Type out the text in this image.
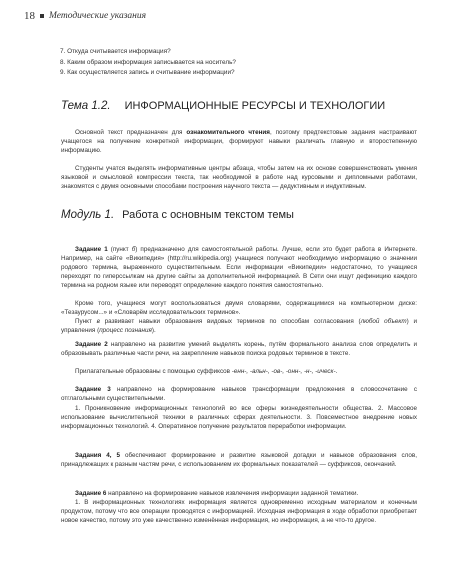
18 Методические указания
7. Откуда считывается информация?
8. Каким образом информация записывается на носитель?
9. Как осуществляется запись и считывание информации?
Тема 1.2. ИНФОРМАЦИОННЫЕ РЕСУРСЫ И ТЕХНОЛОГИИ

Основной текст предназначен для ознакомительного чтения, поэтому предтекстовые задания настраивают учащегося на получение конкретной информации, формируют навыки различать главную и второстепенную информацию.

Студенты учатся выделять информативные центры абзаца, чтобы затем на их основе совершенствовать умения языковой и смысловой компрессии текста, так необходимой в работе над курсовыми и дипломными работами, знакомятся с двумя основными способами построения научного текста — дедуктивным и индуктивным.

Модуль 1. Работа с основным текстом темы

Задание 1 (пункт б) предназначено для самостоятельной работы. Лучше, если это будет работа в Интернете. Например, на сайте «Википедия» (http://ru.wikipedia.org) учащиеся получают необходимую информацию о значении родового термина, выраженного существительным. Если информации «Википедии» недостаточно, то учащиеся переходят по гиперссылкам на другие сайты за дополнительной информацией. В Сети они ищут дефиницию каждого термина на родном языке или переводят определение каждого понятия самостоятельно.

Кроме того, учащиеся могут воспользоваться двумя словарями, содержащимися на компьютерном диске: «Тезаурусом...» и «Словарём исследовательских терминов».

Пункт в развивает навыки образования видовых терминов по способам согласования (любой объект) и управления (процесс познания).

Задание 2 направлено на развитие умений выделять корень, путём формального анализа слов определить и образовывать различные части речи, на закрепление навыков поиска родовых терминов в тексте.

Прилагательные образованы с помощью суффиксов -енн-, -альн-, -ов-, -онн-, -н-, -ическ-.

Задание 3 направлено на формирование навыков трансформации предложения в словосочетание с отглагольными существительными.

1. Проникновение информационных технологий во все сферы жизнедеятельности общества. 2. Массовое использование вычислительной техники в различных сферах деятельности. 3. Повсеместное внедрение новых информационных технологий. 4. Оперативное получение результатов переработки информации.

Задания 4, 5 обеспечивают формирование и развитие языковой догадки и навыков образования слов, принадлежащих к разным частям речи, с использованием их формальных показателей — суффиксов, окончаний.

Задание 6 направлено на формирование навыков извлечения информации заданной тематики.

1. В информационных технологиях информация является одновременно исходным материалом и конечным продуктом, потому что все операции проводятся с информацией. Исходная информация в ходе обработки приобретает новое качество, потому это уже качественно изменённая информация, но информация, а не что-то другое.
